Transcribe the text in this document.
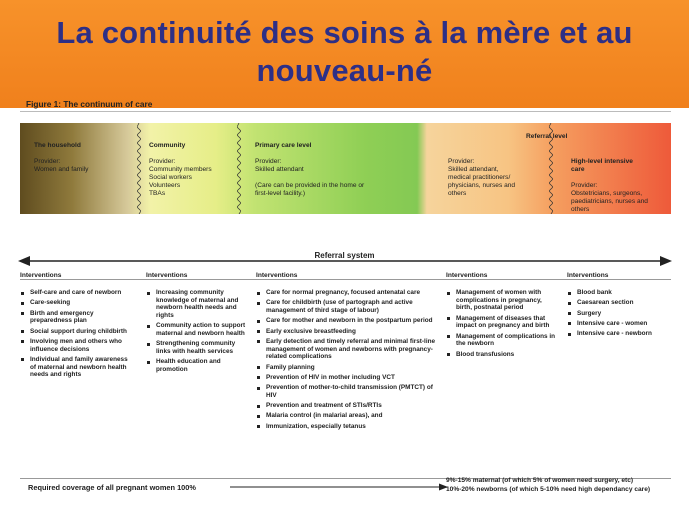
La continuité des soins à la mère et au nouveau-né
Figure 1: The continuum of care

The household

Provider:
Women and family

Community

Provider:
Community members
Social workers
Volunteers
TBAs

Primary care level

Provider:
Skilled attendant

(Care can be provided in the home or
first-level facility.)

Referral level

Provider:
Skilled attendant,
medical practitioners/
physicians, nurses and
others

High-level intensive
care

Provider:
Obstetricians, surgeons,
paediatricians, nurses and
others

Referral system
Interventions
Self-care and care of newborn
Care-seeking
Birth and emergency preparedness plan
Social support during childbirth
Involving men and others who influence decisions
Individual and family awareness of maternal and newborn health needs and rights
Interventions
Increasing community knowledge of maternal and newborn health needs and rights
Community action to support maternal and newborn health
Strengthening community links with health services
Health education and promotion
Interventions
Care for normal pregnancy, focused antenatal care
Care for childbirth (use of partograph and active management of third stage of labour)
Care for mother and newborn in the postpartum period
Early exclusive breastfeeding
Early detection and timely referral and minimal first-line management of women and newborns with pregnancy-related complications
Family planning
Prevention of HIV in mother including VCT
Prevention of mother-to-child transmission (PMTCT) of HIV
Prevention and treatment of STIs/RTIs
Malaria control (in malarial areas), and
Immunization, especially tetanus
Interventions
Management of women with complications in pregnancy, birth, postnatal period
Management of diseases that impact on pregnancy and birth
Management of complications in the newborn
Blood transfusions
Interventions
Blood bank
Caesarean section
Surgery
Intensive care - women
Intensive care - newborn
Required coverage of all pregnant women 100%
9%-15% maternal (of which 5% of women need surgery, etc)
10%-20% newborns (of which 5-10% need high dependancy care)
